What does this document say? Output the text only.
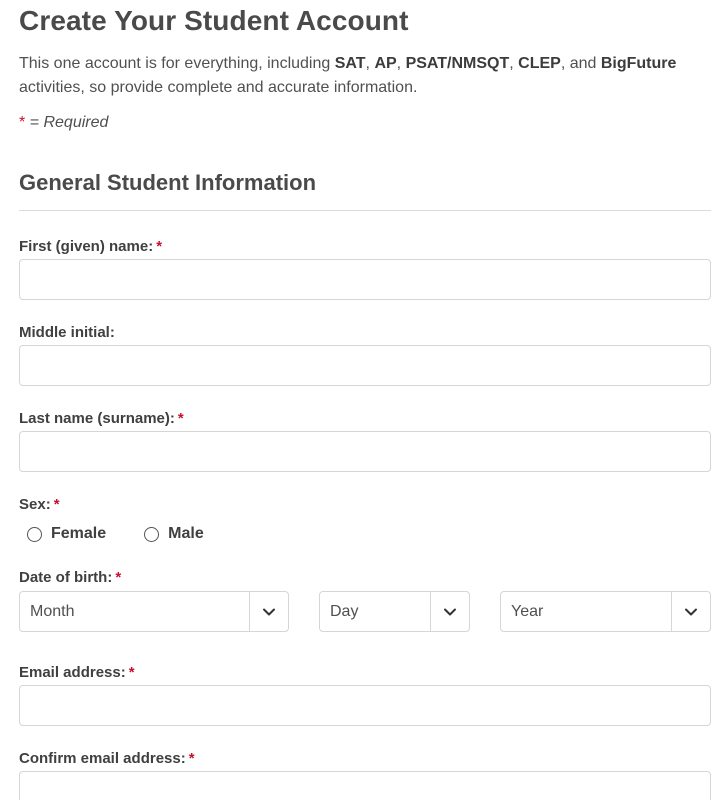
Create Your Student Account

This one account is for everything, including SAT, AP, PSAT/NMSQT, CLEP, and BigFuture activities, so provide complete and accurate information.

* = Required
General Student Information
First (given) name: *
Middle initial:
Last name (surname): *
Sex: *
Female	Male
Date of birth: *
Month	Day	Year
Email address: *
Confirm email address: *
